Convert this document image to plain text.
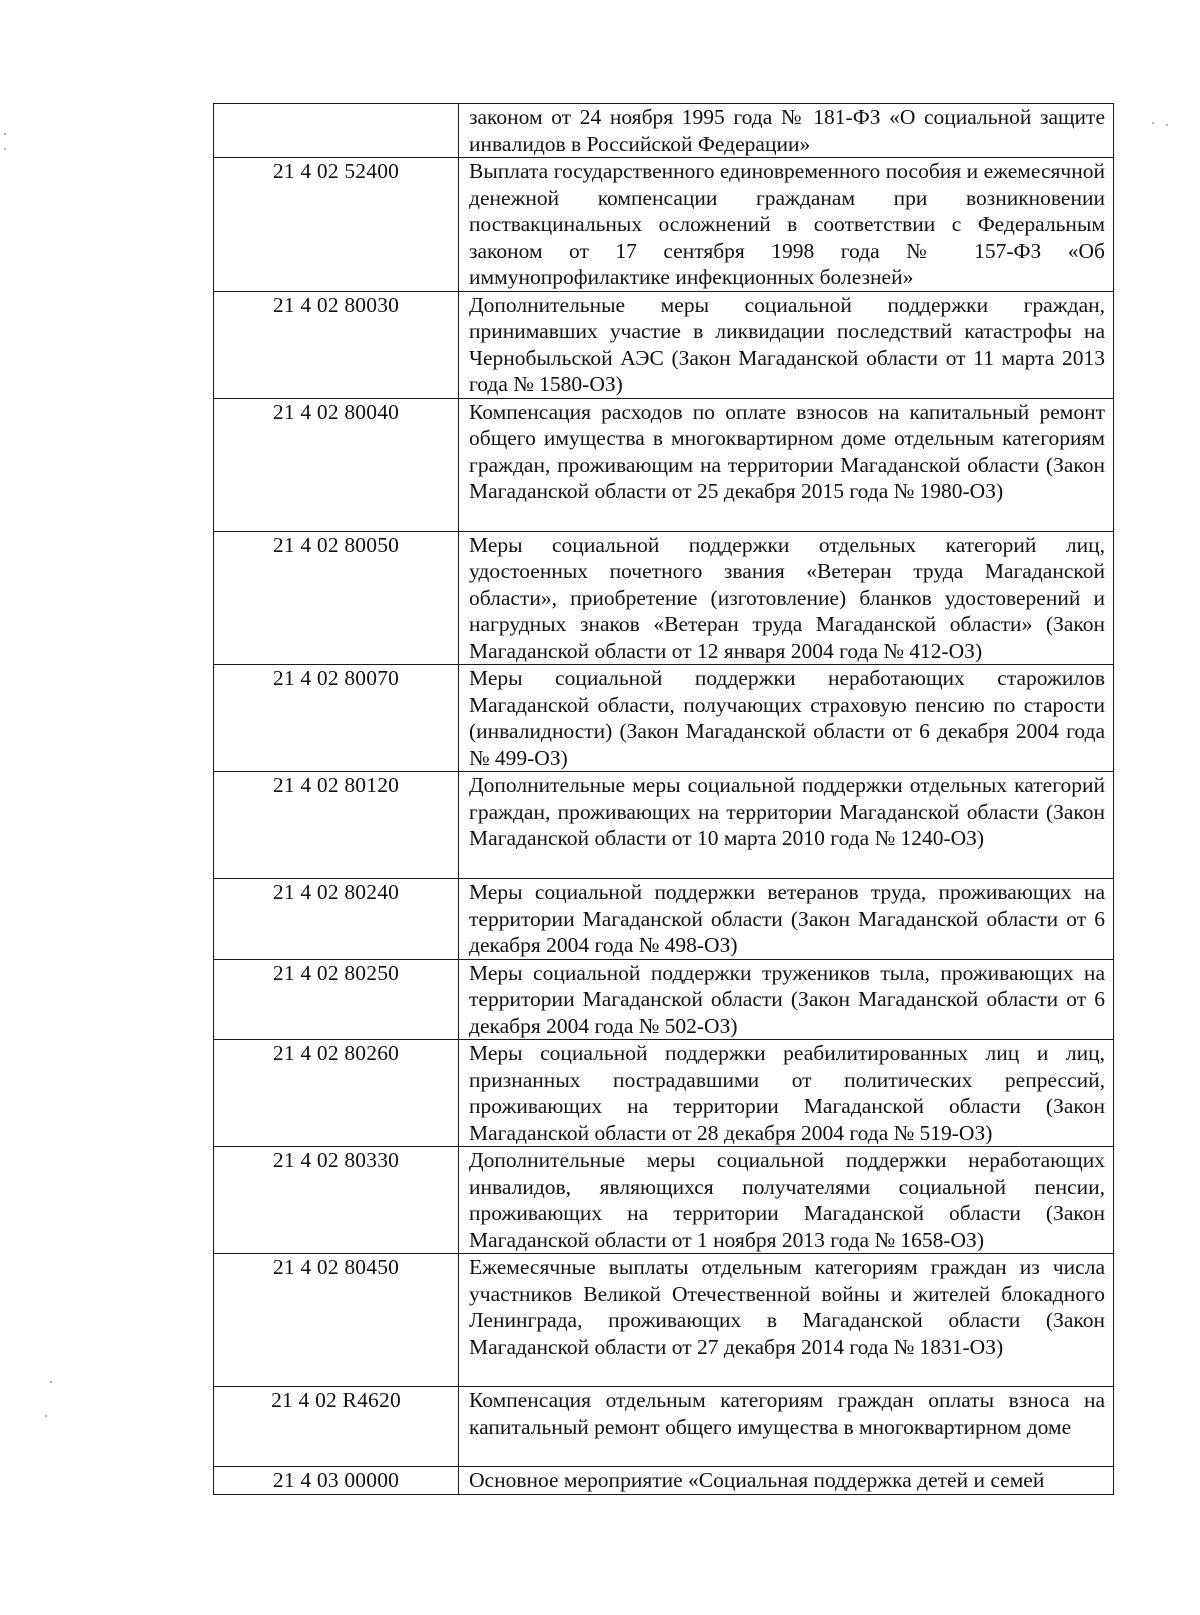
	законом от 24 ноября 1995 года № 181-ФЗ «О социальной защите инвалидов в Российской Федерации»
21 4 02 52400	Выплата государственного единовременного пособия и ежемесячной денежной компенсации гражданам при возникновении поствакцинальных осложнений в соответствии с Федеральным законом от 17 сентября 1998 года № 157-ФЗ «Об иммунопрофилактике инфекционных болезней»
21 4 02 80030	Дополнительные меры социальной поддержки граждан, принимавших участие в ликвидации последствий катастрофы на Чернобыльской АЭС (Закон Магаданской области от 11 марта 2013 года № 1580-ОЗ)
21 4 02 80040	Компенсация расходов по оплате взносов на капитальный ремонт общего имущества в многоквартирном доме отдельным категориям граждан, проживающим на территории Магаданской области (Закон Магаданской области от 25 декабря 2015 года № 1980-ОЗ)
21 4 02 80050	Меры социальной поддержки отдельных категорий лиц, удостоенных почетного звания «Ветеран труда Магаданской области», приобретение (изготовление) бланков удостоверений и нагрудных знаков «Ветеран труда Магаданской области» (Закон Магаданской области от 12 января 2004 года № 412-ОЗ)
21 4 02 80070	Меры социальной поддержки неработающих старожилов Магаданской области, получающих страховую пенсию по старости (инвалидности) (Закон Магаданской области от 6 декабря 2004 года № 499-ОЗ)
21 4 02 80120	Дополнительные меры социальной поддержки отдельных категорий граждан, проживающих на территории Магаданской области (Закон Магаданской области от 10 марта 2010 года № 1240-ОЗ)
21 4 02 80240	Меры социальной поддержки ветеранов труда, проживающих на территории Магаданской области (Закон Магаданской области от 6 декабря 2004 года № 498-ОЗ)
21 4 02 80250	Меры социальной поддержки тружеников тыла, проживающих на территории Магаданской области (Закон Магаданской области от 6 декабря 2004 года № 502-ОЗ)
21 4 02 80260	Меры социальной поддержки реабилитированных лиц и лиц, признанных пострадавшими от политических репрессий, проживающих на территории Магаданской области (Закон Магаданской области от 28 декабря 2004 года № 519-ОЗ)
21 4 02 80330	Дополнительные меры социальной поддержки неработающих инвалидов, являющихся получателями социальной пенсии, проживающих на территории Магаданской области (Закон Магаданской области от 1 ноября 2013 года № 1658-ОЗ)
21 4 02 80450	Ежемесячные выплаты отдельным категориям граждан из числа участников Великой Отечественной войны и жителей блокадного Ленинграда, проживающих в Магаданской области (Закон Магаданской области от 27 декабря 2014 года № 1831-ОЗ)
21 4 02 R4620	Компенсация отдельным категориям граждан оплаты взноса на капитальный ремонт общего имущества в многоквартирном доме
21 4 03 00000	Основное мероприятие «Социальная поддержка детей и семей
